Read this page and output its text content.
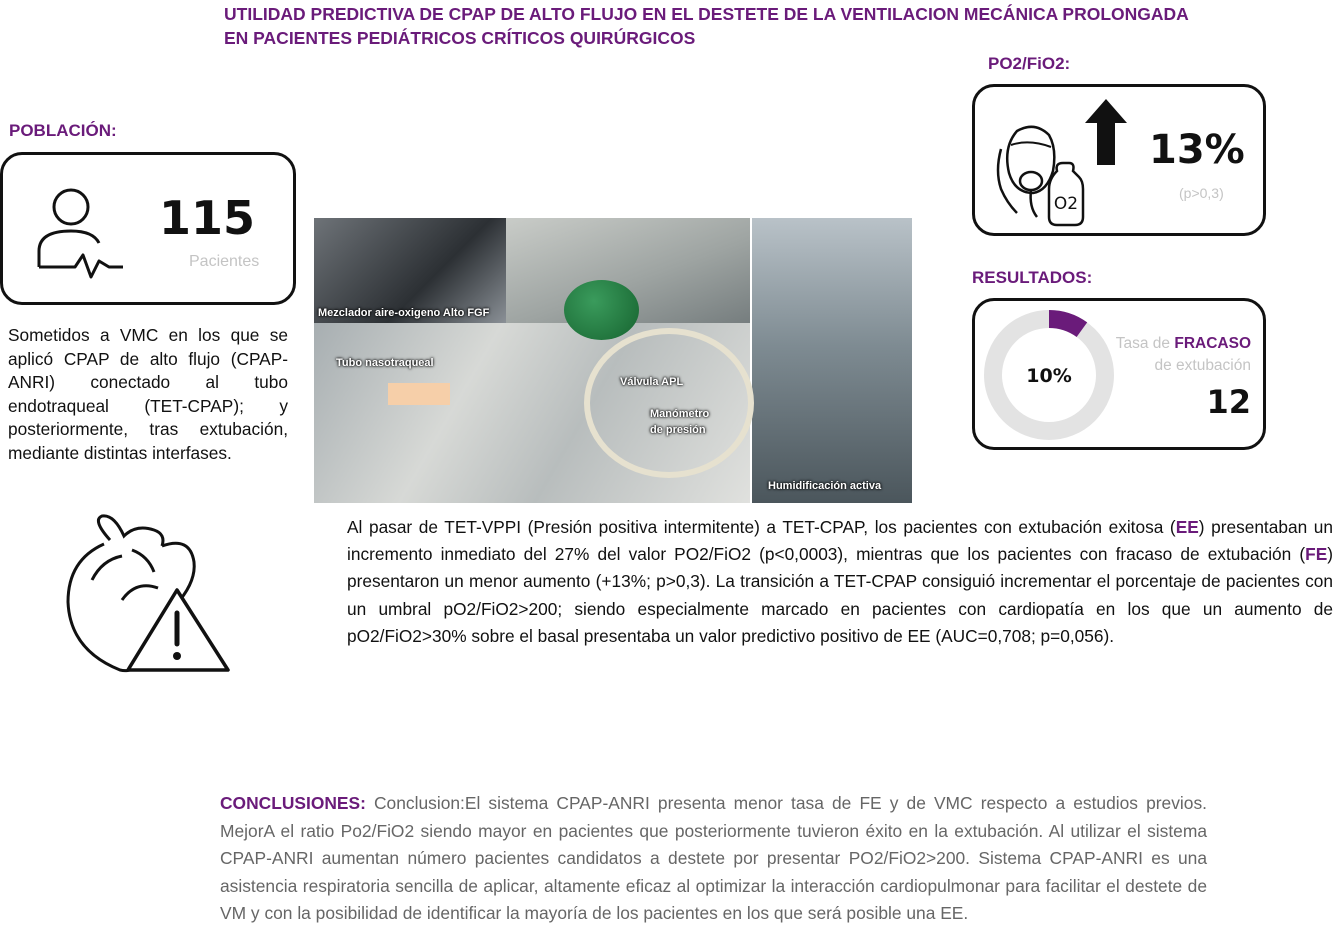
UTILIDAD PREDICTIVA DE CPAP DE ALTO FLUJO EN EL DESTETE DE LA VENTILACION MECÁNICA PROLONGADA
EN PACIENTES PEDIÁTRICOS CRÍTICOS QUIRÚRGICOS
POBLACIÓN:
115
Pacientes
Sometidos a VMC en los que se aplicó CPAP de alto flujo (CPAP-ANRI) conectado al tubo endotraqueal (TET-CPAP); y posteriormente, tras extubación, mediante distintas interfases.
Mezclador aire-oxigeno Alto FGF
Tubo nasotraqueal
Válvula APL
Manómetro
de presión
Humidificación activa
PO2/FiO2:
O2
13%
(p>0,3)
RESULTADOS:
10%
Tasa de FRACASO
de extubación
12
Al pasar de TET-VPPI (Presión positiva intermitente) a TET-CPAP, los pacientes con extubación exitosa (EE) presentaban un incremento inmediato del 27% del valor PO2/FiO2 (p<0,0003), mientras que los pacientes con fracaso de extubación (FE) presentaron un menor aumento (+13%; p>0,3). La transición a TET-CPAP consiguió incrementar el porcentaje de pacientes con un umbral pO2/FiO2>200; siendo especialmente marcado en pacientes con cardiopatía en los que un aumento de pO2/FiO2>30% sobre el basal presentaba un valor predictivo positivo de EE (AUC=0,708; p=0,056).
CONCLUSIONES: Conclusion:El sistema CPAP-ANRI presenta menor tasa de FE y de VMC respecto a estudios previos. MejorA el ratio Po2/FiO2 siendo mayor en pacientes que posteriormente tuvieron éxito en la extubación. Al utilizar el sistema CPAP-ANRI aumentan número pacientes candidatos a destete por presentar PO2/FiO2>200. Sistema CPAP-ANRI es una asistencia respiratoria sencilla de aplicar, altamente eficaz al optimizar la interacción cardiopulmonar para facilitar el destete de VM y con la posibilidad de identificar la mayoría de los pacientes en los que será posible una EE.
